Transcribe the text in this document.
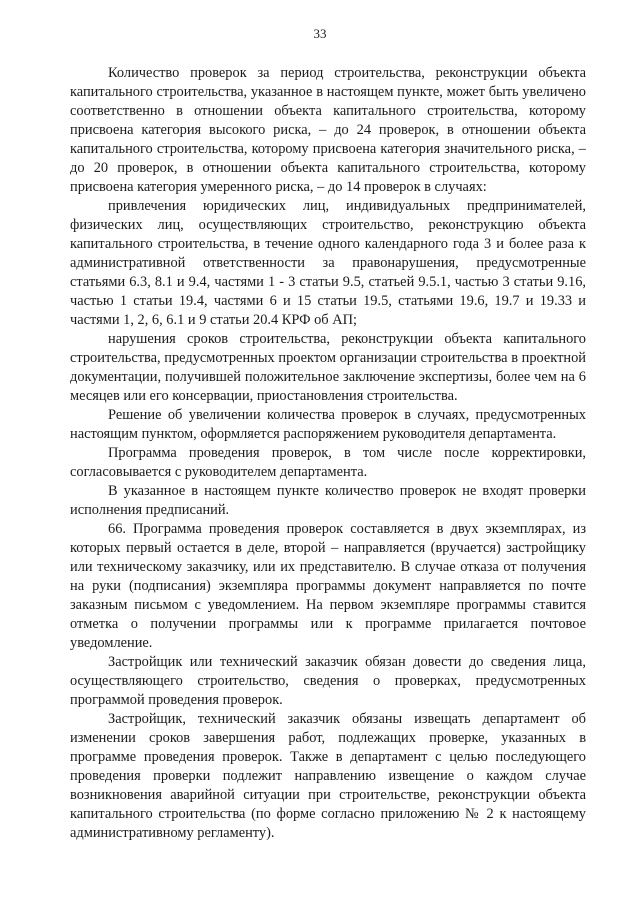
33

Количество проверок за период строительства, реконструкции объекта капитального строительства, указанное в настоящем пункте, может быть увеличено соответственно в отношении объекта капитального строительства, которому присвоена категория высокого риска, – до 24 проверок, в отношении объекта капитального строительства, которому присвоена категория значительного риска, – до 20 проверок, в отношении объекта капитального строительства, которому присвоена категория умеренного риска, – до 14 проверок в случаях:

привлечения юридических лиц, индивидуальных предпринимателей, физических лиц, осуществляющих строительство, реконструкцию объекта капитального строительства, в течение одного календарного года 3 и более раза к административной ответственности за правонарушения, предусмотренные статьями 6.3, 8.1 и 9.4, частями 1 - 3 статьи 9.5, статьей 9.5.1, частью 3 статьи 9.16, частью 1 статьи 19.4, частями 6 и 15 статьи 19.5, статьями 19.6, 19.7 и 19.33 и частями 1, 2, 6, 6.1 и 9 статьи 20.4 КРФ об АП;

нарушения сроков строительства, реконструкции объекта капитального строительства, предусмотренных проектом организации строительства в проектной документации, получившей положительное заключение экспертизы, более чем на 6 месяцев или его консервации, приостановления строительства.

Решение об увеличении количества проверок в случаях, предусмотренных настоящим пунктом, оформляется распоряжением руководителя департамента.

Программа проведения проверок, в том числе после корректировки, согласовывается с руководителем департамента.

В указанное в настоящем пункте количество проверок не входят проверки исполнения предписаний.

66. Программа проведения проверок составляется в двух экземплярах, из которых первый остается в деле, второй – направляется (вручается) застройщику или техническому заказчику, или их представителю. В случае отказа от получения на руки (подписания) экземпляра программы документ направляется по почте заказным письмом с уведомлением. На первом экземпляре программы ставится отметка о получении программы или к программе прилагается почтовое уведомление.

Застройщик или технический заказчик обязан довести до сведения лица, осуществляющего строительство, сведения о проверках, предусмотренных программой проведения проверок.

Застройщик, технический заказчик обязаны извещать департамент об изменении сроков завершения работ, подлежащих проверке, указанных в программе проведения проверок. Также в департамент с целью последующего проведения проверки подлежит направлению извещение о каждом случае возникновения аварийной ситуации при строительстве, реконструкции объекта капитального строительства (по форме согласно приложению № 2 к настоящему административному регламенту).
